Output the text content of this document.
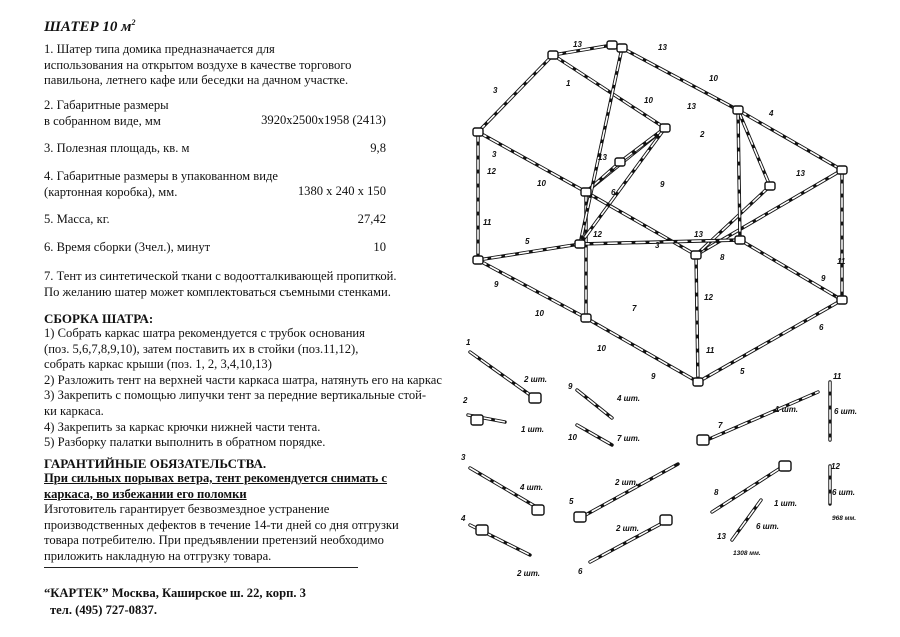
ШАТЕР 10 $м^2$
1. Шатер типа домика предназначается для
использования на открытом воздухе в качестве торгового
павильона, летнего кафе или беседки на дачном участке.
2. Габаритные размеры
в собранном виде, мм	3920х2500х1958 (2413)
3. Полезная площадь, кв. м	9,8
4. Габаритные размеры в упакованном виде
(картонная коробка), мм.	1380 х 240 х 150
5. Масса, кг.	27,42
6. Время сборки (3чел.), минут	10
7. Тент из синтетической ткани с водоотталкивающей пропиткой.
По желанию шатер может комплектоваться съемными стенками.
СБОРКА ШАТРА:
1) Собрать каркас шатра рекомендуется с трубок основания
(поз. 5,6,7,8,9,10), затем поставить их в стойки (поз.11,12),
собрать каркас крыши (поз. 1, 2, 3,4,10,13)
2) Разложить тент на верхней части каркаса шатра, натянуть его на каркас
3) Закрепить с помощью липучки тент за передние вертикальные стой-
ки каркаса.
4) Закрепить за каркас крючки нижней части тента.
5) Разборку палатки выполнить в обратном порядке.
ГАРАНТИЙНЫЕ ОБЯЗАТЕЛЬСТВА.
При сильных порывах ветра, тент рекомендуется снимать с
каркаса, во избежании его поломки
Изготовитель гарантирует безвозмездное устранение
производственных дефектов в течение 14-ти дней со дня отгрузки
товара потребителю. При предъявлении претензий необходимо
приложить накладную на отгрузку товара.
“КАРТЕК” Москва, Каширское ш. 22, корп. 3
тел. (495) 727-0837.
13	13
1
10
10
13
4
3
2
3	13
12
6
9
13
10
11
5
12
8
3
13
11
9
12
9
7
10
10	11
6
5
9
1
2 шт.
2
1 шт.
3
4 шт.
4
2 шт.
9
4 шт.
10	7 шт.
5
2 шт.
6
2 шт.
7
1 шт.
8
1 шт.
13
6 шт.
11
6 шт.
12
6 шт.
1308 мм.
968 мм.
